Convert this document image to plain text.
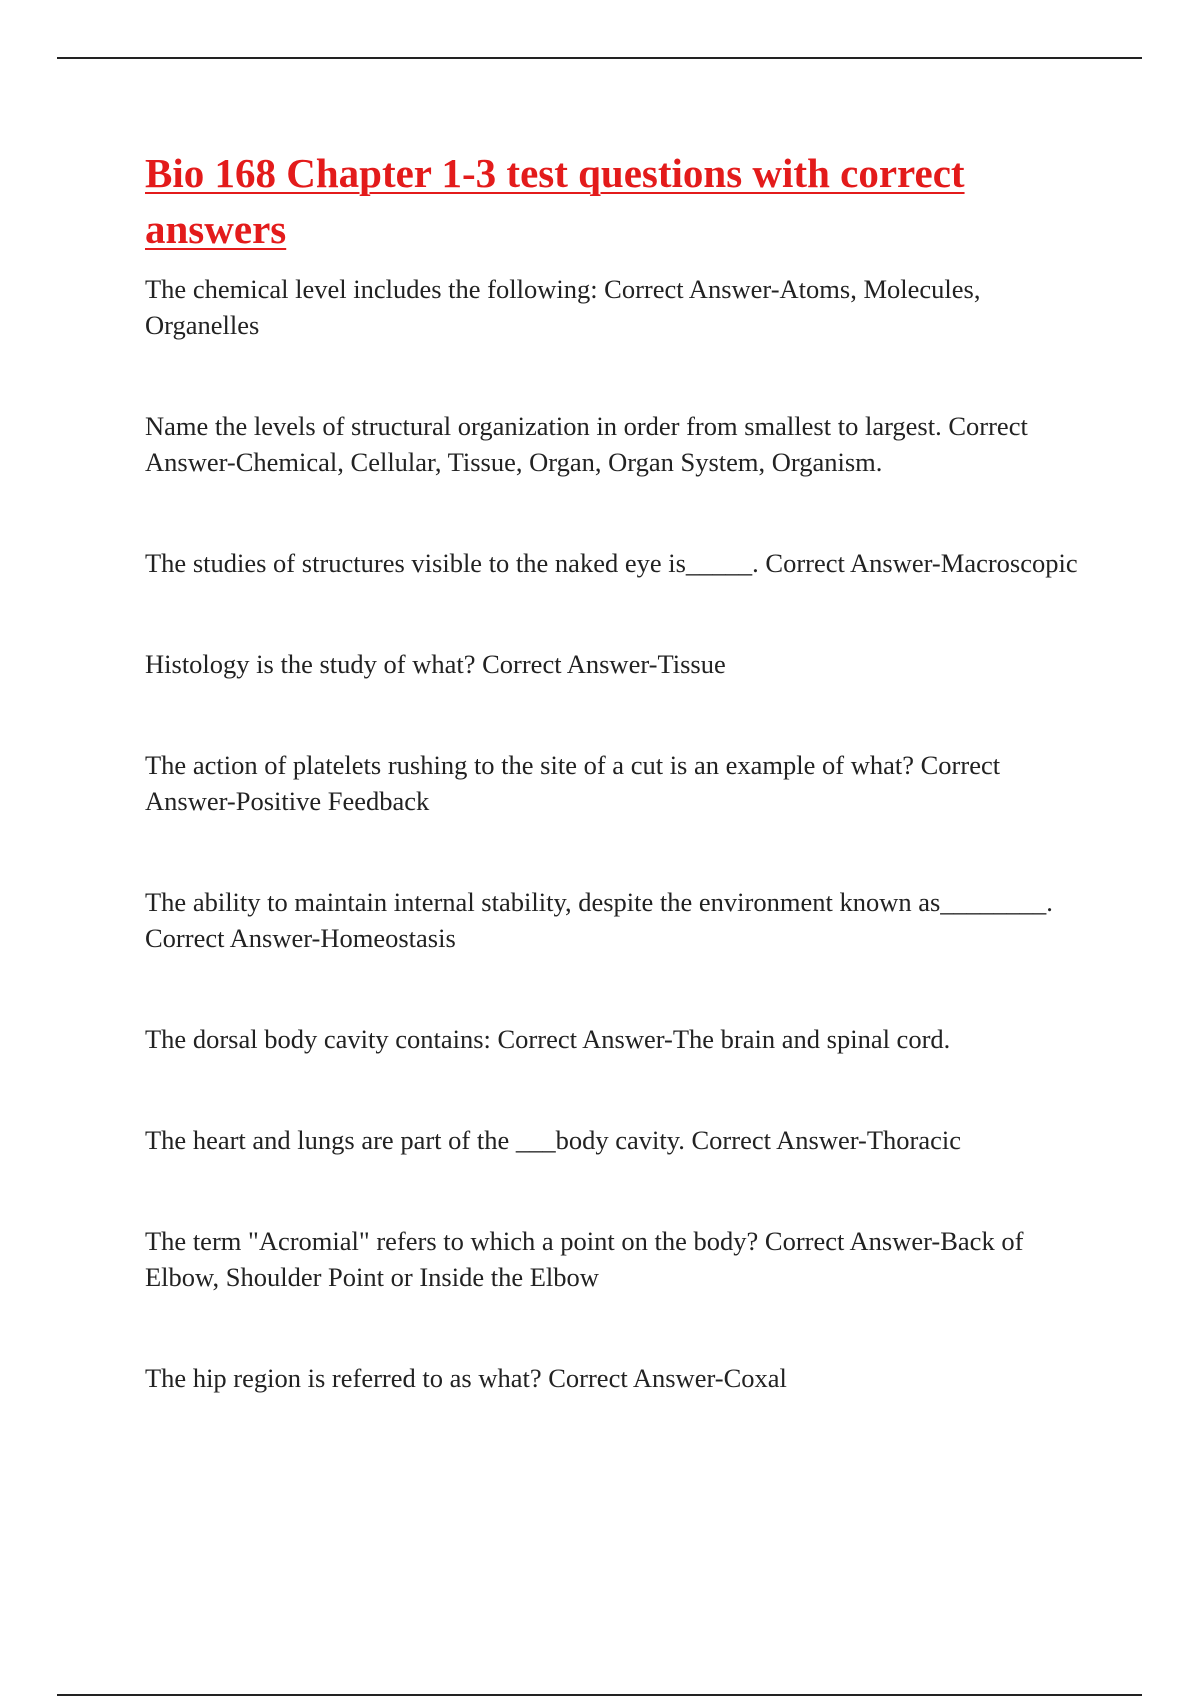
Bio 168 Chapter 1-3 test questions with correct answers
The chemical level includes the following: Correct Answer-Atoms, Molecules, Organelles
Name the levels of structural organization in order from smallest to largest. Correct Answer-Chemical, Cellular, Tissue, Organ, Organ System, Organism.
The studies of structures visible to the naked eye is_____. Correct Answer-Macroscopic
Histology is the study of what? Correct Answer-Tissue
The action of platelets rushing to the site of a cut is an example of what? Correct Answer-Positive Feedback
The ability to maintain internal stability, despite the environment known as________. Correct Answer-Homeostasis
The dorsal body cavity contains: Correct Answer-The brain and spinal cord.
The heart and lungs are part of the ___body cavity. Correct Answer-Thoracic
The term "Acromial" refers to which a point on the body? Correct Answer-Back of Elbow, Shoulder Point or Inside the Elbow
The hip region is referred to as what? Correct Answer-Coxal
